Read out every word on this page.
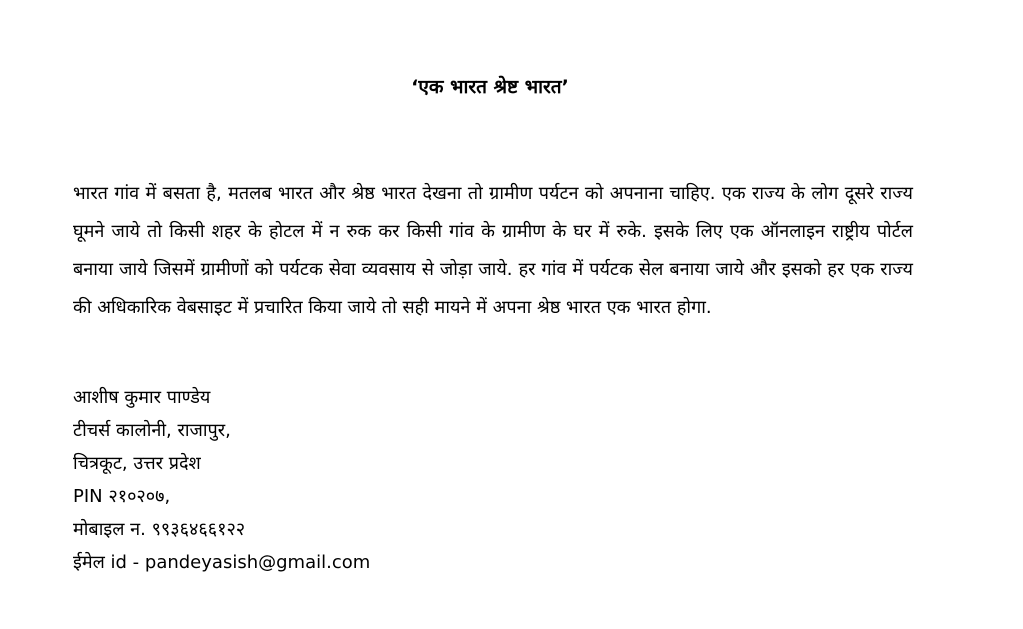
‘एक भारत श्रेष्ट भारत’
भारत गांव में बसता है, मतलब भारत और श्रेष्ठ भारत देखना तो ग्रामीण पर्यटन को अपनाना चाहिए. एक राज्य के लोग दूसरे राज्य घूमने जाये तो किसी शहर के होटल में न रुक कर किसी गांव के ग्रामीण के घर में रुके. इसके लिए एक ऑनलाइन राष्ट्रीय पोर्टल बनाया जाये जिसमें ग्रामीणों को पर्यटक सेवा व्यवसाय से जोड़ा जाये. हर गांव में पर्यटक सेल बनाया जाये और इसको हर एक राज्य की अधिकारिक वेबसाइट में प्रचारित किया जाये तो सही मायने में अपना श्रेष्ठ भारत एक भारत होगा.
आशीष कुमार पाण्डेय
टीचर्स कालोनी, राजापुर,
चित्रकूट, उत्तर प्रदेश
PIN २१०२०७,
मोबाइल न. ९९३६४६६१२२
ईमेल id - pandeyasish@gmail.com
